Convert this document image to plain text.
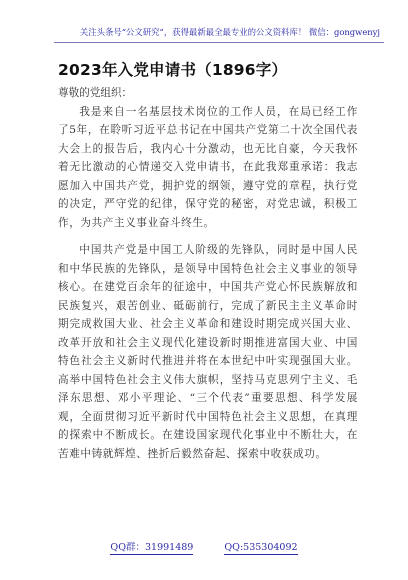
关注头条号“公文研究”，获得最新最全最专业的公文资料库！ 微信：gongwenyj
2023年入党申请书（1896字）

尊敬的党组织：

我是来自一名基层技术岗位的工作人员，在局已经工作了5年，在聆听习近平总书记在中国共产党第二十次全国代表大会上的报告后，我内心十分激动，也无比自豪，今天我怀着无比激动的心情递交入党申请书，在此我郑重承诺：我志愿加入中国共产党，拥护党的纲领，遵守党的章程，执行党的决定，严守党的纪律，保守党的秘密，对党忠诚，积极工作，为共产主义事业奋斗终生。

中国共产党是中国工人阶级的先锋队，同时是中国人民和中华民族的先锋队，是领导中国特色社会主义事业的领导核心。在建党百余年的征途中，中国共产党心怀民族解放和民族复兴，艰苦创业、砥砺前行，完成了新民主主义革命时期完成救国大业、社会主义革命和建设时期完成兴国大业、改革开放和社会主义现代化建设新时期推进富国大业、中国特色社会主义新时代推进并将在本世纪中叶实现强国大业。高举中国特色社会主义伟大旗帜，坚持马克思列宁主义、毛泽东思想、邓小平理论、“三个代表”重要思想、科学发展观，全面贯彻习近平新时代中国特色社会主义思想，在真理的探索中不断成长。在建设国家现代化事业中不断壮大，在苦难中铸就辉煌、挫折后毅然奋起、探索中收获成功。

QQ群：31991489	QQ:535304092
